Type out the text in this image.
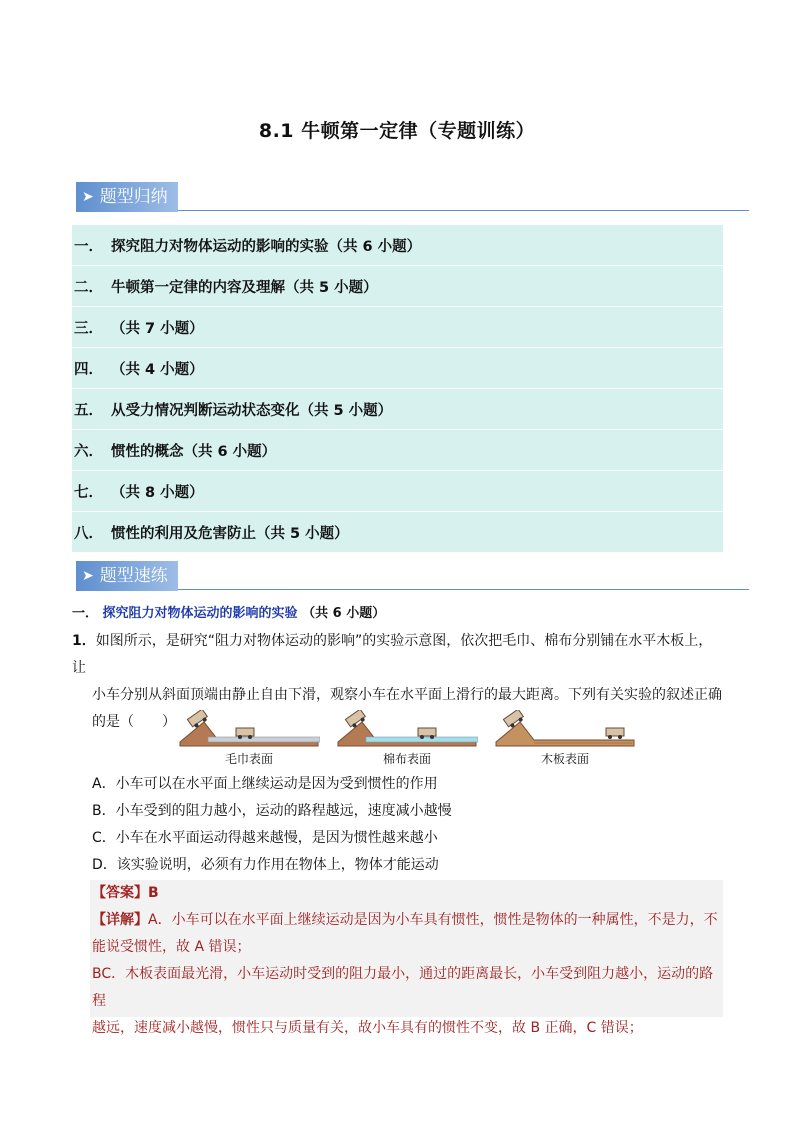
8.1 牛顿第一定律（专题训练）
➤ 题型归纳
一． 探究阻力对物体运动的影响的实验（共 6 小题）
二． 牛顿第一定律的内容及理解（共 5 小题）
三． （共 7 小题）
四． （共 4 小题）
五． 从受力情况判断运动状态变化（共 5 小题）
六． 惯性的概念（共 6 小题）
七． （共 8 小题）
八． 惯性的利用及危害防止（共 5 小题）
➤ 题型速练
一． 探究阻力对物体运动的影响的实验 （共 6 小题）
1．如图所示，是研究“阻力对物体运动的影响”的实验示意图，依次把毛巾、棉布分别铺在水平木板上，让
小车分别从斜面顶端由静止自由下滑，观察小车在水平面上滑行的最大距离。下列有关实验的叙述正确
的是（　　）
毛巾表面	棉布表面	木板表面
A．小车可以在水平面上继续运动是因为受到惯性的作用
B．小车受到的阻力越小，运动的路程越远，速度减小越慢
C．小车在水平面运动得越来越慢，是因为惯性越来越小
D．该实验说明，必须有力作用在物体上，物体才能运动
【答案】B
【详解】A．小车可以在水平面上继续运动是因为小车具有惯性，惯性是物体的一种属性，不是力，不
能说受惯性，故 A 错误；
BC．木板表面最光滑，小车运动时受到的阻力最小，通过的距离最长，小车受到阻力越小，运动的路程
越远，速度减小越慢，惯性只与质量有关，故小车具有的惯性不变，故 B 正确，C 错误；
